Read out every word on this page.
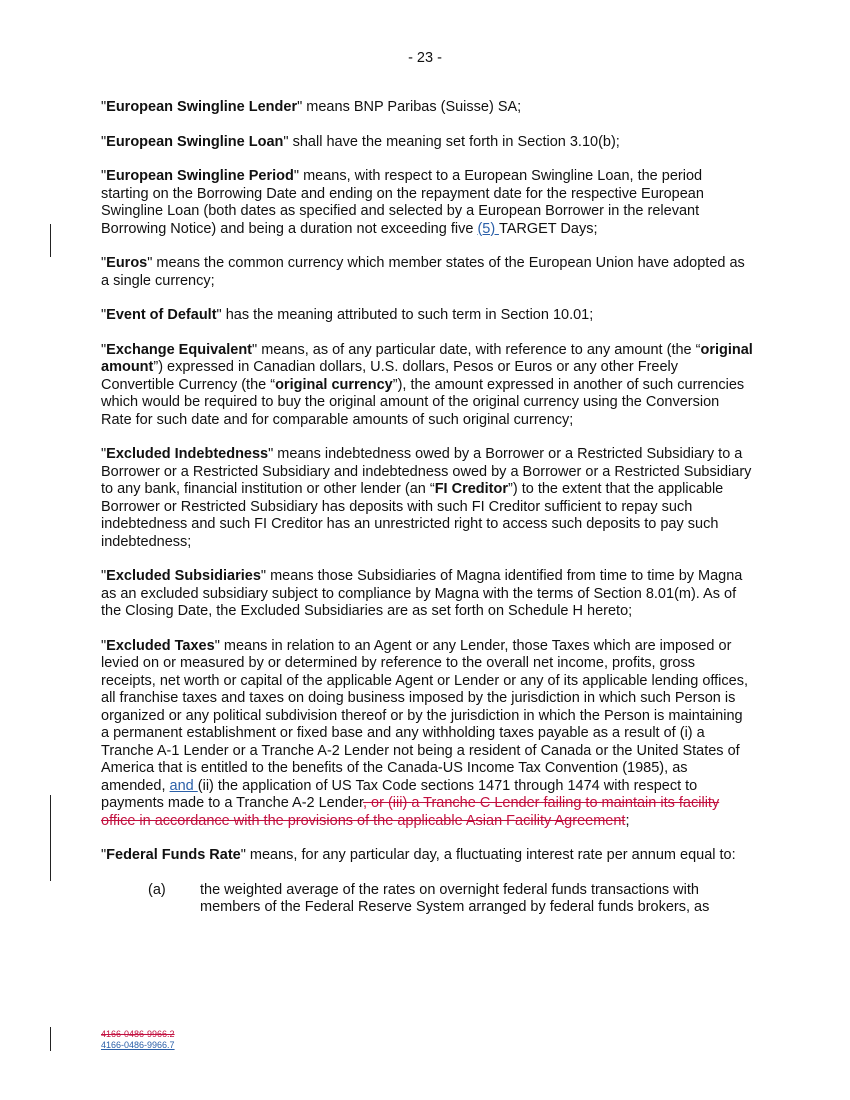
- 23 -

"European Swingline Lender" means BNP Paribas (Suisse) SA;

"European Swingline Loan" shall have the meaning set forth in Section 3.10(b);

"European Swingline Period" means, with respect to a European Swingline Loan, the period starting on the Borrowing Date and ending on the repayment date for the respective European Swingline Loan (both dates as specified and selected by a European Borrower in the relevant Borrowing Notice) and being a duration not exceeding five (5) TARGET Days;

"Euros" means the common currency which member states of the European Union have adopted as a single currency;

"Event of Default" has the meaning attributed to such term in Section 10.01;

"Exchange Equivalent" means, as of any particular date, with reference to any amount (the “original amount”) expressed in Canadian dollars, U.S. dollars, Pesos or Euros or any other Freely Convertible Currency (the “original currency”), the amount expressed in another of such currencies which would be required to buy the original amount of the original currency using the Conversion Rate for such date and for comparable amounts of such original currency;

"Excluded Indebtedness" means indebtedness owed by a Borrower or a Restricted Subsidiary to a Borrower or a Restricted Subsidiary and indebtedness owed by a Borrower or a Restricted Subsidiary to any bank, financial institution or other lender (an “FI Creditor”) to the extent that the applicable Borrower or Restricted Subsidiary has deposits with such FI Creditor sufficient to repay such indebtedness and such FI Creditor has an unrestricted right to access such deposits to pay such indebtedness;

"Excluded Subsidiaries" means those Subsidiaries of Magna identified from time to time by Magna as an excluded subsidiary subject to compliance by Magna with the terms of Section 8.01(m). As of the Closing Date, the Excluded Subsidiaries are as set forth on Schedule H hereto;

"Excluded Taxes" means in relation to an Agent or any Lender, those Taxes which are imposed or levied on or measured by or determined by reference to the overall net income, profits, gross receipts, net worth or capital of the applicable Agent or Lender or any of its applicable lending offices, all franchise taxes and taxes on doing business imposed by the jurisdiction in which such Person is organized or any political subdivision thereof or by the jurisdiction in which the Person is maintaining a permanent establishment or fixed base and any withholding taxes payable as a result of (i) a Tranche A-1 Lender or a Tranche A-2 Lender not being a resident of Canada or the United States of America that is entitled to the benefits of the Canada-US Income Tax Convention (1985), as amended, and (ii) the application of US Tax Code sections 1471 through 1474 with respect to payments made to a Tranche A-2 Lender, or (iii) a Tranche C Lender failing to maintain its facility office in accordance with the provisions of the applicable Asian Facility Agreement;

"Federal Funds Rate" means, for any particular day, a fluctuating interest rate per annum equal to:

(a)	the weighted average of the rates on overnight federal funds transactions with members of the Federal Reserve System arranged by federal funds brokers, as
4166-0486-9966.2
4166-0486-9966.7
